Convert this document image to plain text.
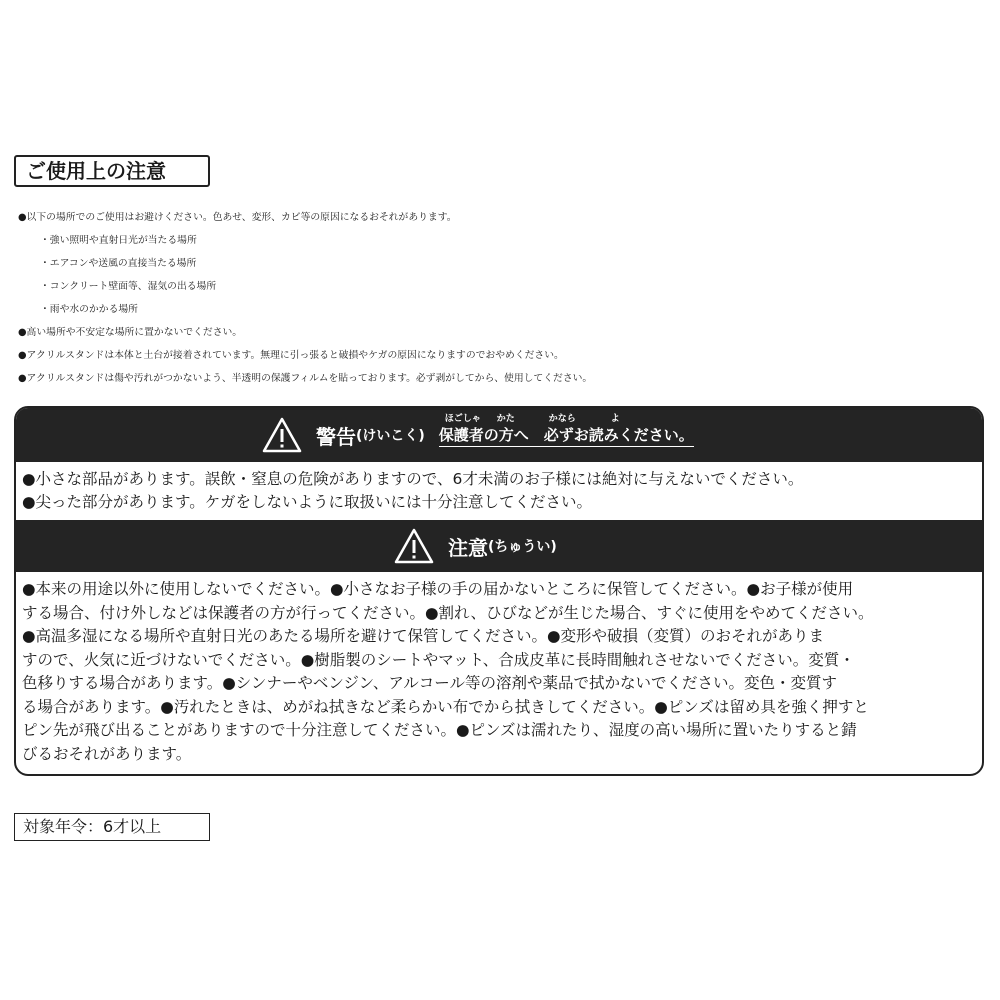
ご使用上の注意
●以下の場所でのご使用はお避けください。色あせ、変形、カビ等の原因になるおそれがあります。
・強い照明や直射日光が当たる場所
・エアコンや送風の直接当たる場所
・コンクリート壁面等、湿気の出る場所
・雨や水のかかる場所
●高い場所や不安定な場所に置かないでください。
●アクリルスタンドは本体と土台が接着されています。無理に引っ張ると破損やケガの原因になりますのでおやめください。
●アクリルスタンドは傷や汚れがつかないよう、半透明の保護フィルムを貼っております。必ず剥がしてから、使用してください。
警告 (けいこく)
ほごしゃ かた	かなら	よ
保護者の方へ　必ずお読みください。
●小さな部品があります。誤飲・窒息の危険がありますので、6才未満のお子様には絶対に与えないでください。
●尖った部分があります。ケガをしないように取扱いには十分注意してください。
注意 (ちゅうい)
●本来の用途以外に使用しないでください。●小さなお子様の手の届かないところに保管してください。●お子様が使用
する場合、付け外しなどは保護者の方が行ってください。●割れ、ひびなどが生じた場合、すぐに使用をやめてください。
●高温多湿になる場所や直射日光のあたる場所を避けて保管してください。●変形や破損（変質）のおそれがありま
すので、火気に近づけないでください。●樹脂製のシートやマット、合成皮革に長時間触れさせないでください。変質・
色移りする場合があります。●シンナーやベンジン、アルコール等の溶剤や薬品で拭かないでください。変色・変質す
る場合があります。●汚れたときは、めがね拭きなど柔らかい布でから拭きしてください。●ピンズは留め具を強く押すと
ピン先が飛び出ることがありますので十分注意してください。●ピンズは濡れたり、湿度の高い場所に置いたりすると錆
びるおそれがあります。
対象年令：6才以上
